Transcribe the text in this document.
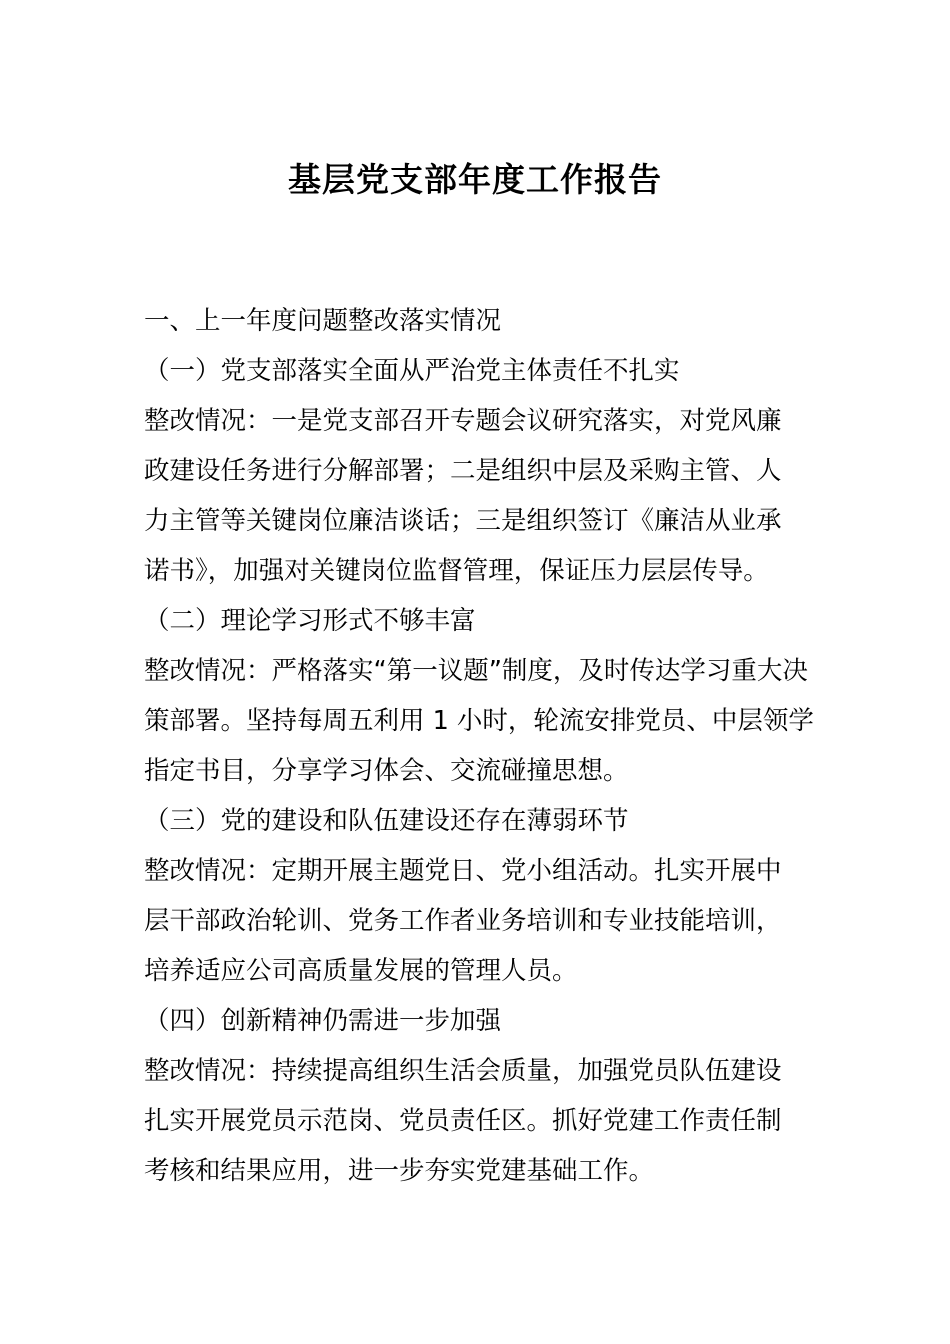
基层党支部年度工作报告

一、上一年度问题整改落实情况

（一）党支部落实全面从严治党主体责任不扎实

整改情况：一是党支部召开专题会议研究落实，对党风廉

政建设任务进行分解部署；二是组织中层及采购主管、人

力主管等关键岗位廉洁谈话；三是组织签订《廉洁从业承

诺书》，加强对关键岗位监督管理，保证压力层层传导。

（二）理论学习形式不够丰富

整改情况：严格落实“第一议题”制度，及时传达学习重大决

策部署。坚持每周五利用 1 小时，轮流安排党员、中层领学

指定书目，分享学习体会、交流碰撞思想。

（三）党的建设和队伍建设还存在薄弱环节

整改情况：定期开展主题党日、党小组活动。扎实开展中

层干部政治轮训、党务工作者业务培训和专业技能培训，

培养适应公司高质量发展的管理人员。

（四）创新精神仍需进一步加强

整改情况：持续提高组织生活会质量，加强党员队伍建设

扎实开展党员示范岗、党员责任区。抓好党建工作责任制

考核和结果应用，进一步夯实党建基础工作。
